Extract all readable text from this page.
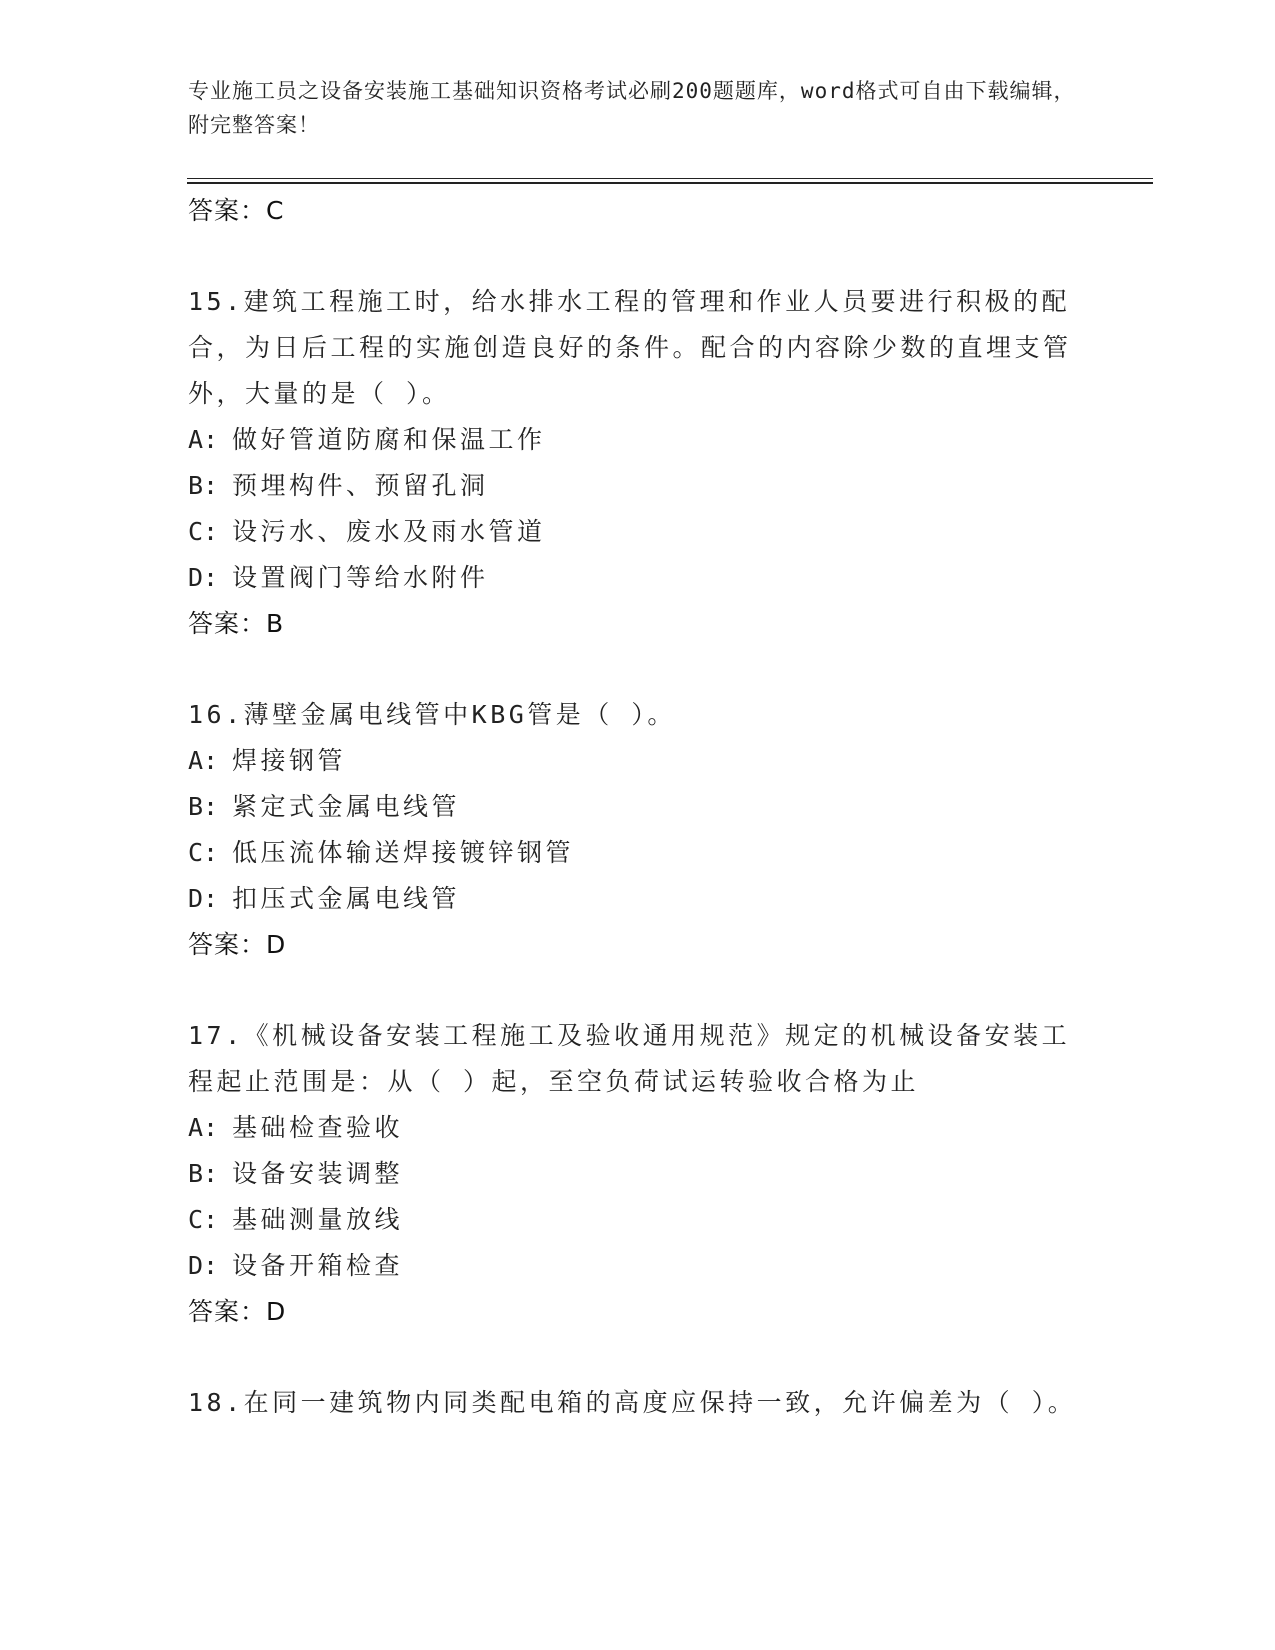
专业施工员之设备安装施工基础知识资格考试必刷200题题库，word格式可自由下载编辑，附完整答案！
答案：C
15.建筑工程施工时，给水排水工程的管理和作业人员要进行积极的配合，为日后工程的实施创造良好的条件。配合的内容除少数的直埋支管外，大量的是（ ）。
A: 做好管道防腐和保温工作
B: 预埋构件、预留孔洞
C: 设污水、废水及雨水管道
D: 设置阀门等给水附件
答案：B
16.薄壁金属电线管中KBG管是（ ）。
A: 焊接钢管
B: 紧定式金属电线管
C: 低压流体输送焊接镀锌钢管
D: 扣压式金属电线管
答案：D
17.《机械设备安装工程施工及验收通用规范》规定的机械设备安装工程起止范围是：从（ ）起，至空负荷试运转验收合格为止
A: 基础检查验收
B: 设备安装调整
C: 基础测量放线
D: 设备开箱检查
答案：D
18.在同一建筑物内同类配电箱的高度应保持一致，允许偏差为（ ）。
